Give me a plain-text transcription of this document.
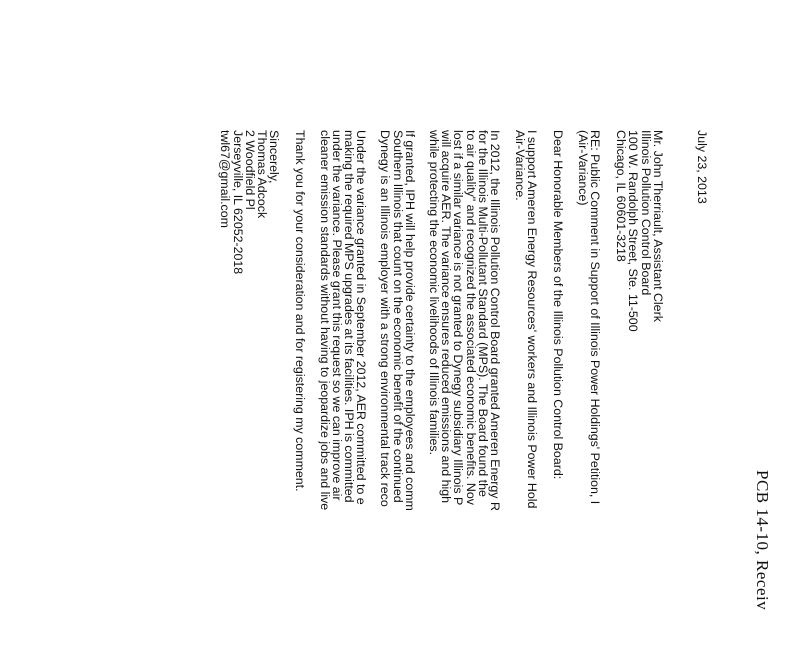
PCB 14-10, Receiv

July 23, 2013

Mr. John Therriault, Assistant Clerk

Illinois Pollution Control Board

100 W. Randolph Street, Ste. 11-500

Chicago, IL 60601-3218

RE: Public Comment in Support of Illinois Power Holdings' Petition, I

(Air-Variance)

Dear Honorable Members of the Illinois Pollution Control Board:

I support Ameren Energy Resources' workers and Illinois Power Hold

Air-Variance.

In 2012, the Illinois Pollution Control Board granted Ameren Energy R

for the Illinois Multi-Pollutant Standard (MPS). The Board found the

to air quality" and recognized the associated economic benefits. Nov

lost if a similar variance is not granted to Dynegy subsidiary Illinois P

will acquire AER. The variance ensures reduced emissions and high

while protecting the economic livelihoods of Illinois families.

If granted, IPH will help provide certainty to the employees and comm

Southern Illinois that count on the economic benefit of the continued

Dynegy is an Illinois employer with a strong environmental track reco

Under the variance granted in September 2012, AER committed to e

making the required MPS upgrades at its facilities. IPH is committed

under the variance. Please grant this request so we can improve air

cleaner emission standards without having to jeopardize jobs and live

Thank you for your consideration and for registering my comment.

Sincerely,

Thomas Adcock

2 Woodfield Pl

Jerseyville, IL 62052-2018

twl67@gmail.com
